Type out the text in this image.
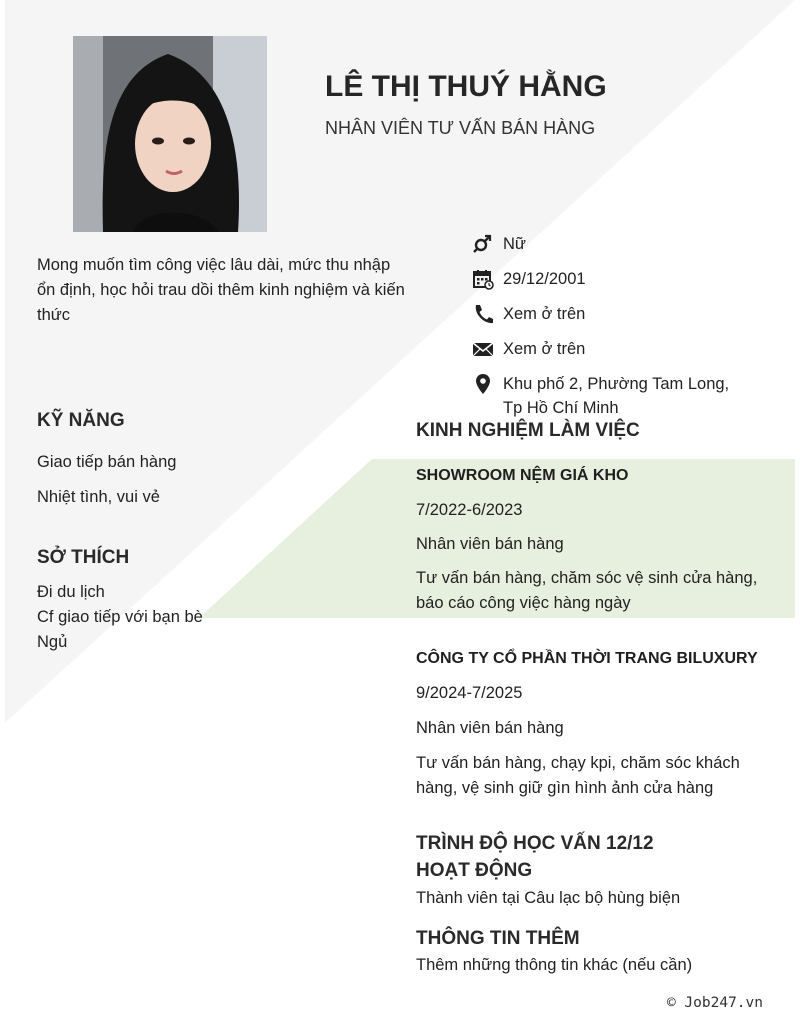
LÊ THỊ THUÝ HẰNG
NHÂN VIÊN TƯ VẤN BÁN HÀNG
Mong muốn tìm công việc lâu dài, mức thu nhập ổn định, học hỏi trau dồi thêm kinh nghiệm và kiến thức
Nữ
29/12/2001
Xem ở trên
Xem ở trên
Khu phố 2, Phường Tam Long,
Tp Hồ Chí Minh
KỸ NĂNG
Giao tiếp bán hàng
Nhiệt tình, vui vẻ
SỞ THÍCH
Đi du lịch
Cf giao tiếp với bạn bè
Ngủ
KINH NGHIỆM LÀM VIỆC
SHOWROOM NỆM GIÁ KHO
7/2022-6/2023
Nhân viên bán hàng
Tư vấn bán hàng, chăm sóc vệ sinh cửa hàng, báo cáo công việc hàng ngày
CÔNG TY CỔ PHẦN THỜI TRANG BILUXURY
9/2024-7/2025
Nhân viên bán hàng
Tư vấn bán hàng, chạy kpi, chăm sóc khách hàng, vệ sinh giữ gìn hình ảnh cửa hàng
TRÌNH ĐỘ HỌC VẤN 12/12
HOẠT ĐỘNG
Thành viên tại Câu lạc bộ hùng biện
THÔNG TIN THÊM
Thêm những thông tin khác (nếu cần)
© Job247.vn
